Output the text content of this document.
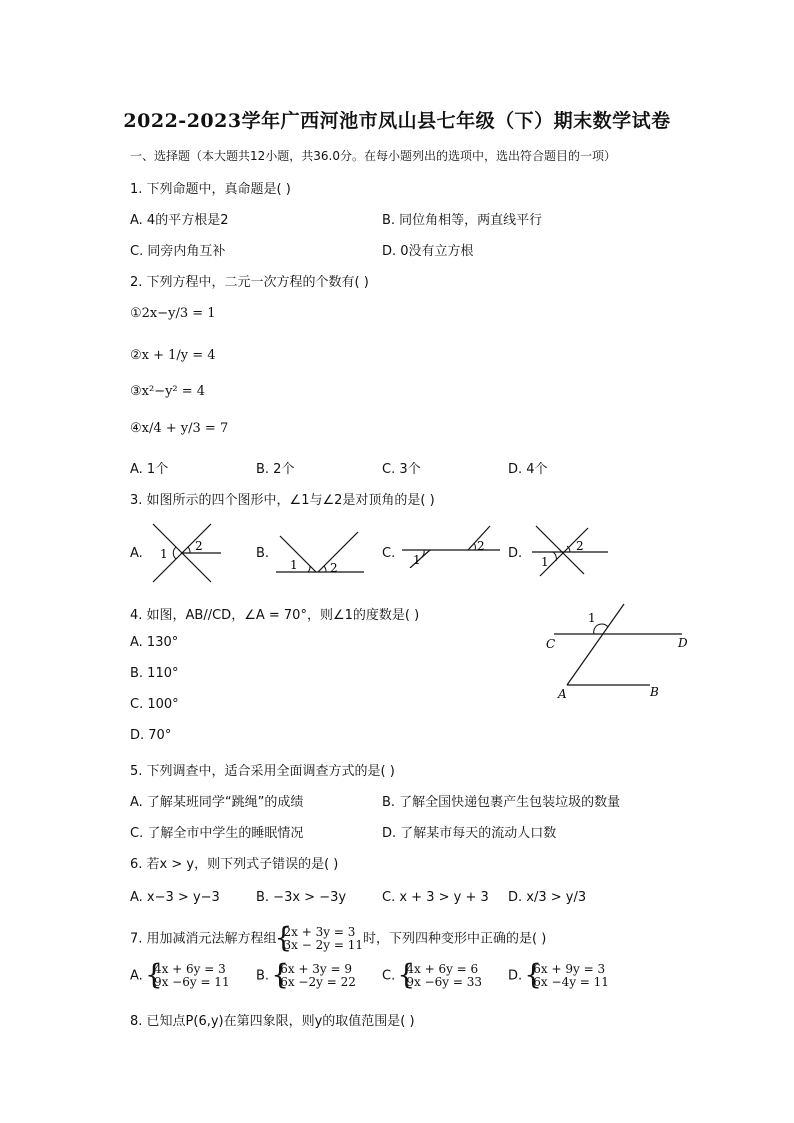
2022-2023学年广西河池市凤山县七年级（下）期末数学试卷
一、选择题（本大题共12小题，共36.0分。在每小题列出的选项中，选出符合题目的一项）
1. 下列命题中，真命题是( )
A. 4的平方根是2	B. 同位角相等，两直线平行
C. 同旁内角互补	D. 0没有立方根
2. 下列方程中，二元一次方程的个数有( )
①2x−y/3 = 1
②x + 1/y = 4
③x²−y² = 4
④x/4 + y/3 = 7
A. 1个	B. 2个	C. 3个	D. 4个
3. 如图所示的四个图形中，∠1与∠2是对顶角的是( )
A.	B.	C.	D.
1
2
1	2
1
2
1
2
4. 如图，AB//CD，∠A = 70°，则∠1的度数是( )
A. 130°
B. 110°
C. 100°
D. 70°
1
C	D
A	B
5. 下列调查中，适合采用全面调查方式的是( )
A. 了解某班同学“跳绳”的成绩	B. 了解全国快递包裹产生包装垃圾的数量
C. 了解全市中学生的睡眠情况	D. 了解某市每天的流动人口数
6. 若x > y，则下列式子错误的是( )
A. x−3 > y−3	B. −3x > −3y	C. x + 3 > y + 3 D. x/3 > y/3
7. 用加减消元法解方程组 { 2x + 3y = 3
3x − 2y = 11 时，下列四种变形中正确的是( )
A. { 4x + 6y = 3
9x −6y = 11 B. { 6x + 3y = 9
6x −2y = 22 C. { 4x + 6y = 6
9x −6y = 33 D. { 6x + 9y = 3
6x −4y = 11
8. 已知点P(6,y)在第四象限，则y的取值范围是( )
